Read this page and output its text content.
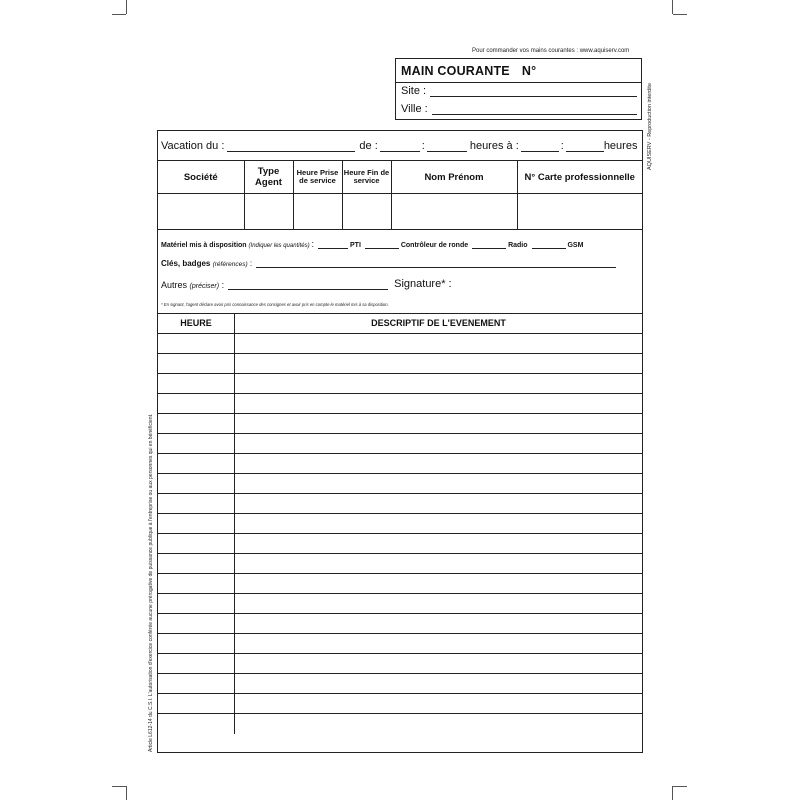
Pour commander vos mains courantes : www.aquiserv.com
AQUISERV - Reproduction interdite
Article L612-14 du C.S.I. L'autorisation d'exercice conférée aucune prérogative de puissance publique à l'entreprise ou aux personnes qui en bénéficient.
MAIN COURANTE N°
Site :
Ville :
Vacation du :	de :	:	heures à :	:	heures
Société	Type Agent	Heure Prise de service	Heure Fin de service	Nom Prénom	N° Carte professionnelle

Matériel mis à disposition
(Indiquer les quantités)
:
	PTI
	Contrôleur de ronde
	Radio
	GSM
Clés, badges
(références)
:
Autres
(préciser)
:	Signature* :
* En signant, l'agent déclare avoir pris connaissance des consignes et avoir pris en compte le matériel mis à sa disposition.
HEURE	DESCRIPTIF DE L'EVENEMENT
